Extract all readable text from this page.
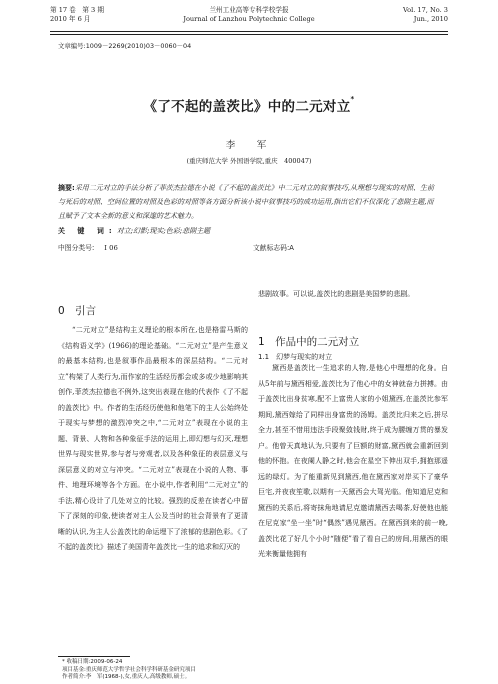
第 17 卷　第 3 期
2010 年 6 月
兰州工业高等专科学校学报
Journal of Lanzhou Polytechnic College
Vol. 17, No. 3
Jun., 2010
文章编号:1009－2269(2010)03－0060－04
《了不起的盖茨比》中的二元对立*
李　军
(重庆师范大学 外国语学院,重庆　400047)
摘要:采用二元对立的手法分析了菲茨杰拉德在小说《了不起的盖茨比》中二元对立的叙事技巧,从理想与现实的对照、生前与死后的对照、空间位置的对照及色彩的对照等各方面分析该小说中叙事技巧的成功运用,指出它们不仅深化了悲剧主题,而且赋予了文本全新的意义和深邃的艺术魅力。
关 键 词:对立;幻影;现实;色彩;悲剧主题
中图分类号: I 06	文献标志码:A
0　引言

“二元对立”是结构主义理论的根本所在,也是格雷马斯的《结构语义学》(1966)的理论基础。“二元对立”是产生意义的最基本结构,也是叙事作品最根本的深层结构。“二元对立”构架了人类行为,而作家的生活经历都会或多或少地影响其创作,菲茨杰拉德也不例外,这突出表现在他的代表作《了不起的盖茨比》中。作者的生活经历使他和他笔下的主人公始终处于现实与梦想的激烈冲突之中,“二元对立”表现在小说的主题、背景、人物和各种象征手法的运用上,即幻想与幻灭,理想世界与现实世界,参与者与旁观者,以及各种象征的表层意义与深层意义的对立与冲突。“二元对立”表现在小说的人物、事件、地理环境等各个方面。在小说中,作者利用“二元对立”的手法,精心设计了几处对立的比较。强烈的反差在读者心中留下了深刻的印象,使读者对主人公及当时的社会背景有了更清晰的认识,为主人公盖茨比的命运埋下了浓郁的悲剧色彩。《了不起的盖茨比》描述了美国青年盖茨比一生的追求和幻灭的

悲剧故事。可以说,盖茨比的悲剧是美国梦的悲剧。

1　作品中的二元对立
1.1　幻梦与现实的对立

黛西是盖茨比一生追求的人物,是他心中理想的化身。自从5年前与黛西相爱,盖茨比为了他心中的女神就奋力拼搏。由于盖茨比出身贫寒,配不上富贵人家的小姐黛西,在盖茨比参军期间,黛西嫁给了同样出身富贵的汤姆。盖茨比归来之后,拼尽全力,甚至不惜用违法手段聚敛钱财,终于成为腰缠万贯的暴发户。他曾天真地认为,只要有了巨额的财富,黛西就会重新回到他的怀抱。在夜阑人静之时,他会在星空下伸出双手,拥抱那遥远的绿灯。为了能重新见到黛西,他在黛西家对岸买下了豪华巨宅,并夜夜笙歌,以期有一天黛西会大驾光临。他知道尼克和黛西的关系后,将寄抹角地请尼克邀请黛西去喝茶,好使他也能在尼克家“坐一坐”时“偶然”遇见黛西。在黛西到来的前一晚,盖茨比花了好几个小时“随便”看了看自己的房间,用黛西的眼光来衡量他拥有

* 收稿日期:2009-06-24
项目基金:重庆师范大学哲学社会科学科研基金研究项目
作者简介:李　军(1968-),女,重庆人,高级教师,硕士。
